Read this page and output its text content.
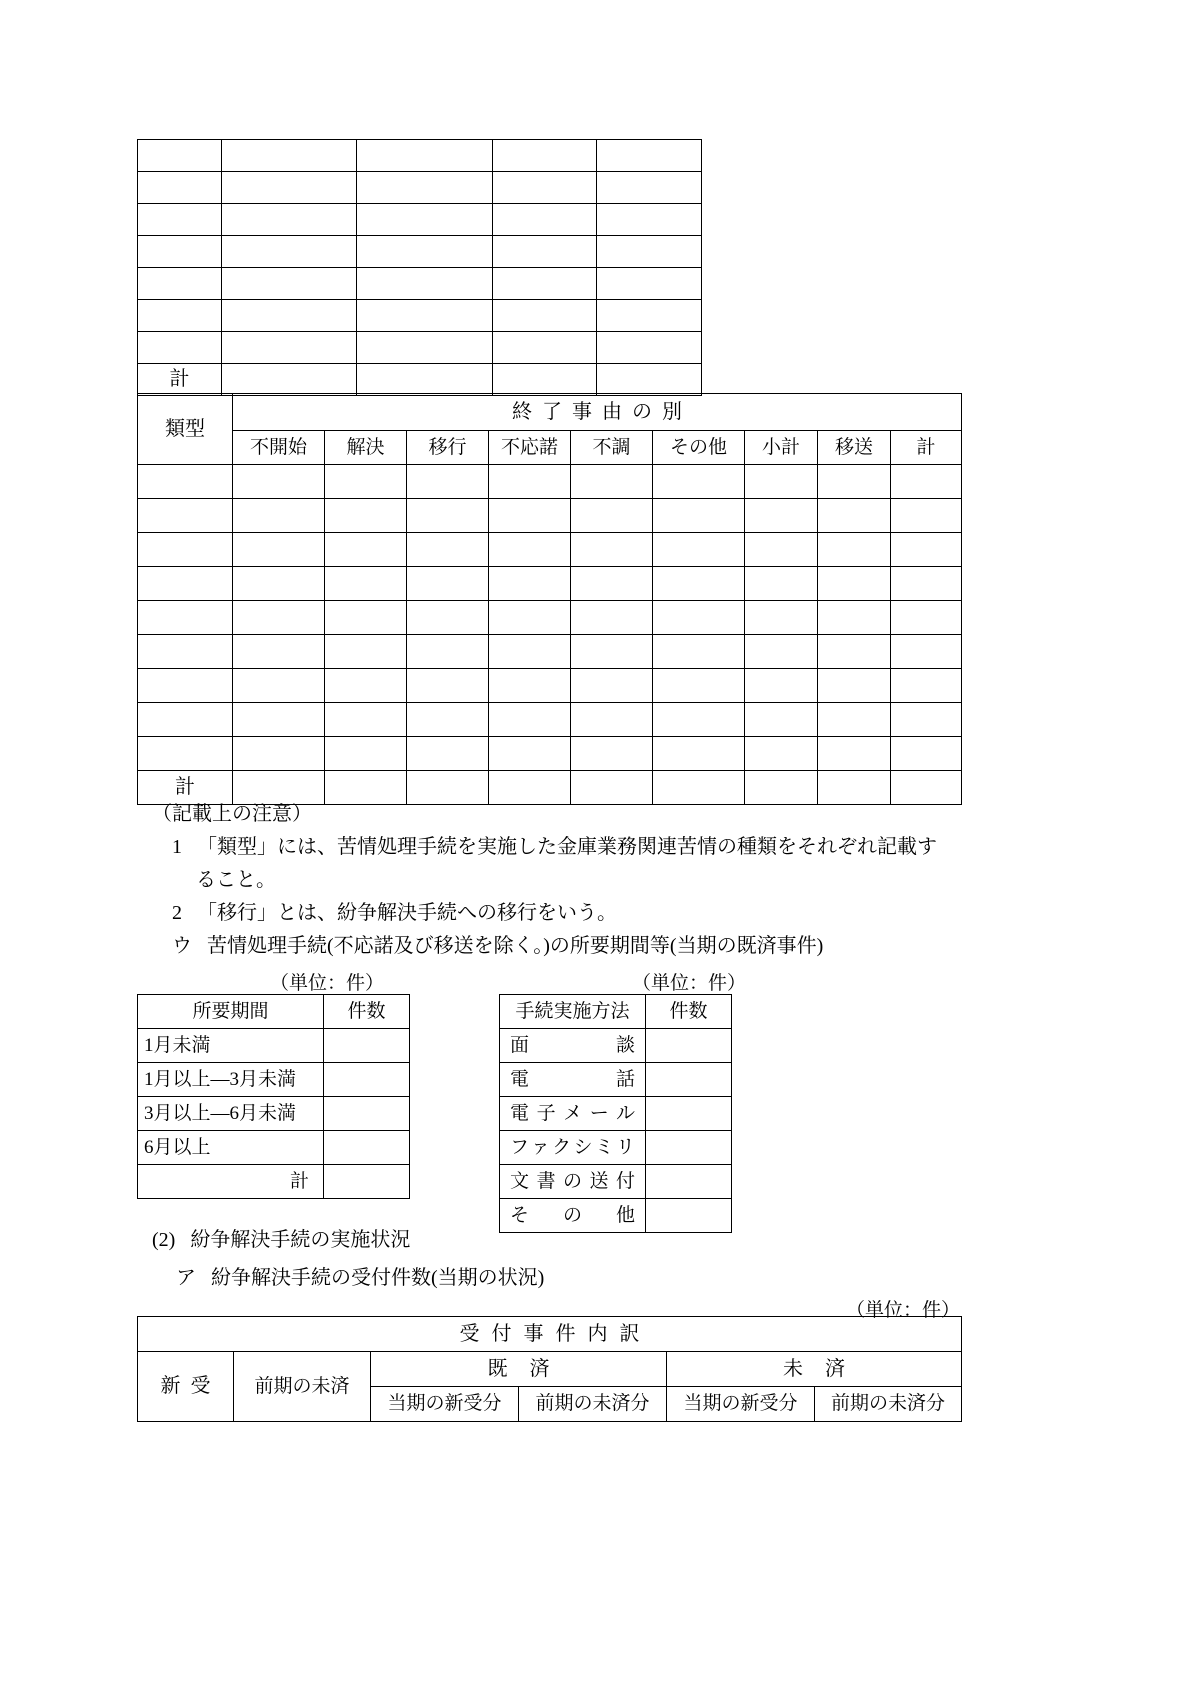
計				
類型	終了事由の別								
	不開始	解決	移行	不応諾	不調	その他	小計	移送	計

計									
（記載上の注意）
1 「類型」には、苦情処理手続を実施した金庫業務関連苦情の種類をそれぞれ記載す
ること。
2 「移行」とは、紛争解決手続への移行をいう。
ウ 苦情処理手続(不応諾及び移送を除く。)の所要期間等(当期の既済事件)
（単位：件）	（単位：件）
所要期間	件数
1月未満	
1月以上―3月未満	
3月以上―6月未満	
6月以上	
計	
手続実施方法	件数
面談	
電話	
電子メール	
ファクシミリ	
文書の送付	
その他	
(2) 紛争解決手続の実施状況
ア 紛争解決手続の受付件数(当期の状況)
（単位：件）
受付事件内訳					
新受	前期の未済	既済		未済	
		当期の新受分	前期の未済分	当期の新受分	前期の未済分
